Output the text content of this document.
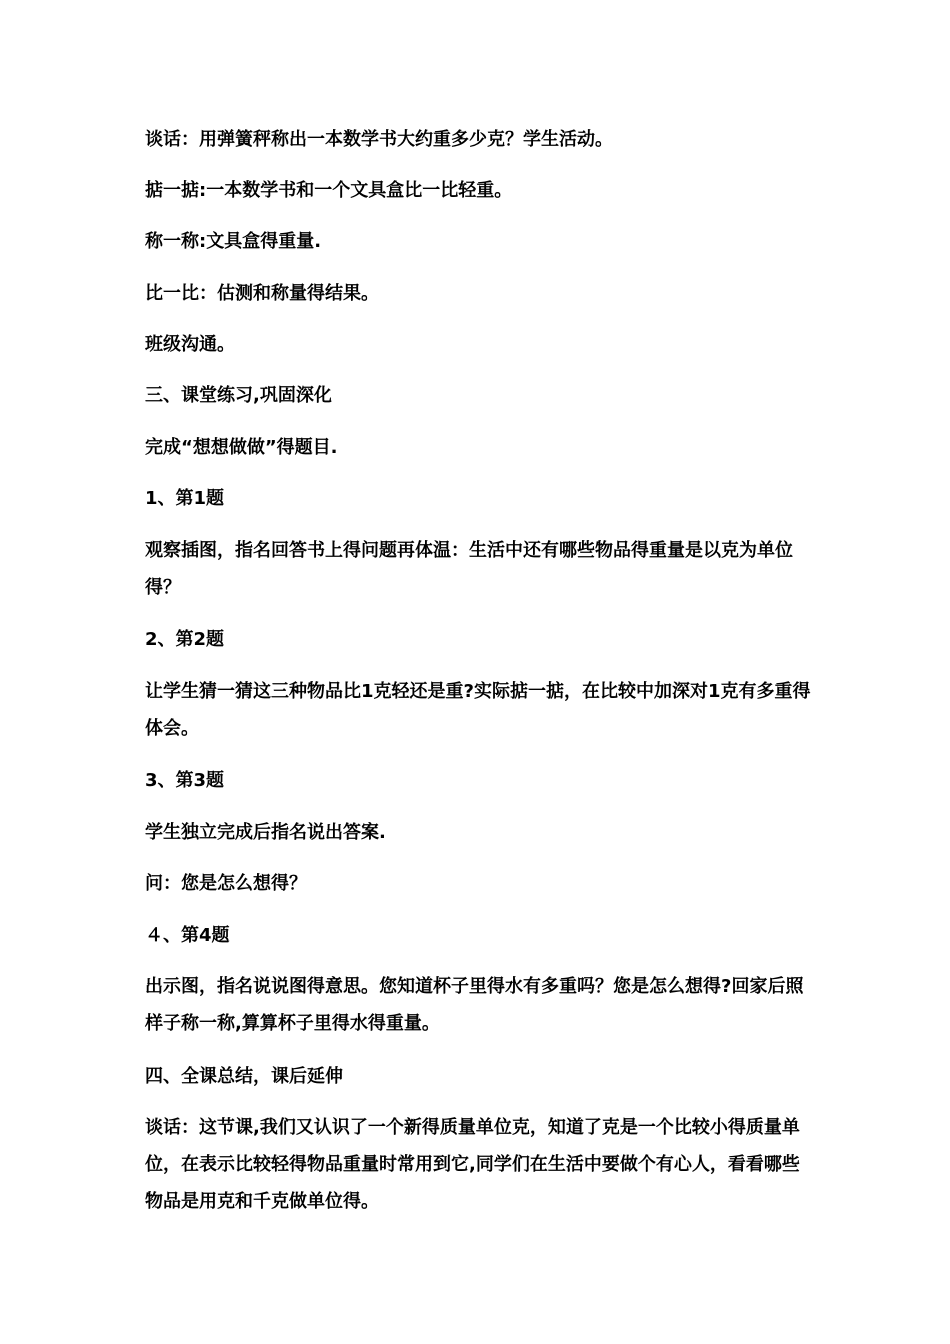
谈话：用弹簧秤称出一本数学书大约重多少克？学生活动。

掂一掂:一本数学书和一个文具盒比一比轻重。

称一称:文具盒得重量.

比一比：估测和称量得结果。

班级沟通。

三、课堂练习,巩固深化

完成“想想做做”得题目.

1、第1题

观察插图，指名回答书上得问题再体温：生活中还有哪些物品得重量是以克为单位得？

2、第2题

让学生猜一猜这三种物品比1克轻还是重?实际掂一掂，在比较中加深对1克有多重得体会。

3、第3题

学生独立完成后指名说出答案.

问：您是怎么想得？

４、第4题

出示图，指名说说图得意思。您知道杯子里得水有多重吗？您是怎么想得?回家后照样子称一称,算算杯子里得水得重量。

四、全课总结，课后延伸

谈话：这节课,我们又认识了一个新得质量单位克，知道了克是一个比较小得质量单位，在表示比较轻得物品重量时常用到它,同学们在生活中要做个有心人，看看哪些物品是用克和千克做单位得。
